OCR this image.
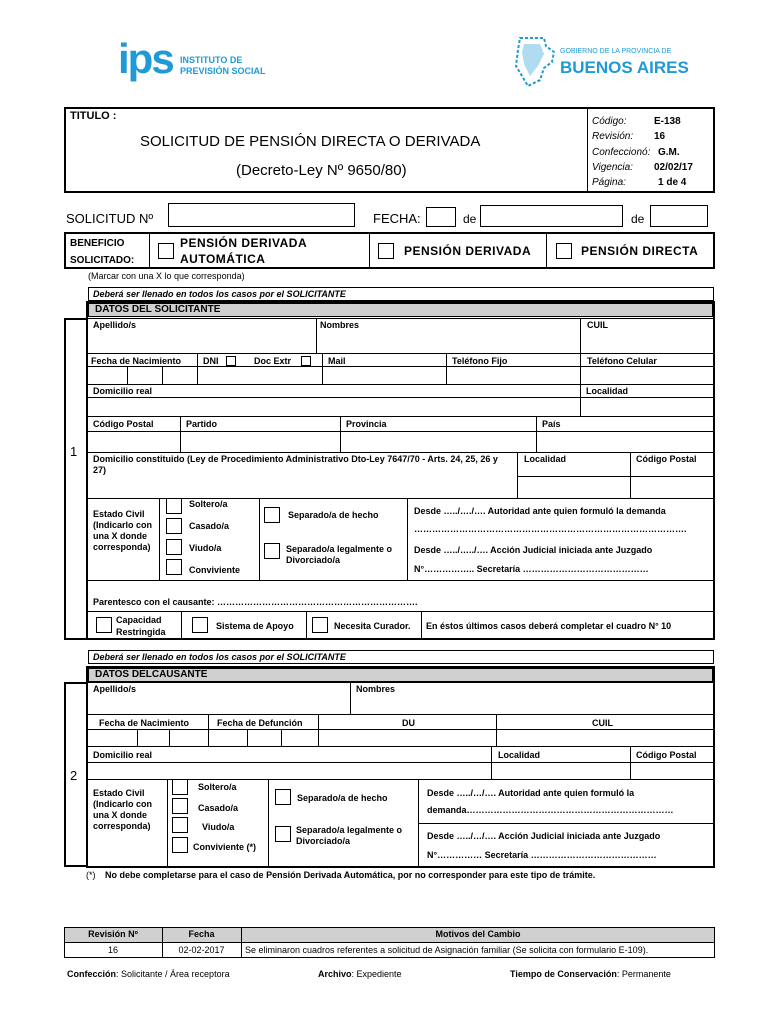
ips INSTITUTO DE
PREVISIÓN SOCIAL
GOBIERNO DE LA PROVINCIA DE
BUENOS AIRES
TITULO :
SOLICITUD DE PENSIÓN DIRECTA O DERIVADA
(Decreto-Ley Nº 9650/80)
Código:	E-138
Revisión: 16
Confeccionó: G.M.
Vigencia: 02/02/17
Página:	1 de 4
SOLICITUD Nº	FECHA:	de	de
BENEFICIO
SOLICITADO:
PENSIÓN DERIVADA
AUTOMÁTICA
PENSIÓN DERIVADA	PENSIÓN DIRECTA
(Marcar con una X lo que corresponda)
1
Deberá ser llenado en todos los casos por el SOLICITANTE
DATOS DEL SOLICITANTE
Apellido/s	Nombres	CUIL
Fecha de Nacimiento DNI	Doc Extr	Mail	Teléfono Fijo	Teléfono Celular
Domicilio real	Localidad
Código Postal	Partido	Provincia	País
Domicilio constituido (Ley de Procedimiento Administrativo Dto-Ley 7647/70 - Arts. 24, 25, 26 y 27)
Localidad	Código Postal
Estado Civil (Indicarlo con una X donde corresponda)
Soltero/a
Casado/a
Viudo/a
Conviviente
Separado/a de hecho
Separado/a legalmente o Divorciado/a
Desde …../…./…. Autoridad ante quien formuló la demanda
……………………………………………………………………………….
Desde …../…../…. Acción Judicial iniciada ante Juzgado
N°…………….. Secretaría ……………………………………
Parentesco con el causante: ………………………………………………………….
Capacidad Restringida
Sistema de Apoyo	Necesita Curador. En éstos últimos casos deberá completar el cuadro N° 10
2
Deberá ser llenado en todos los casos por el SOLICITANTE
DATOS DELCAUSANTE
Apellido/s	Nombres
Fecha de Nacimiento	Fecha de Defunción	DU	CUIL
Domicilio real	Localidad	Código Postal
Estado Civil (Indicarlo con una X donde corresponda)
Soltero/a
Casado/a
Viudo/a
Conviviente (*)
Separado/a de hecho
Separado/a legalmente o Divorciado/a
Desde …../…/…. Autoridad ante quien formuló la
demanda……………………………………………………………
Desde …../…/…. Acción Judicial iniciada ante Juzgado
N°…………… Secretaría ……………………………………
(*) No debe completarse para el caso de Pensión Derivada Automática, por no corresponder para este tipo de trámite.
Revisión Nº	Fecha	Motivos del Cambio
16	02-02-2017	Se eliminaron cuadros referentes a solicitud de Asignación familiar (Se solicita con formulario E-109).
Confección: Solicitante / Área receptora	Archivo: Expediente	Tiempo de Conservación: Permanente
